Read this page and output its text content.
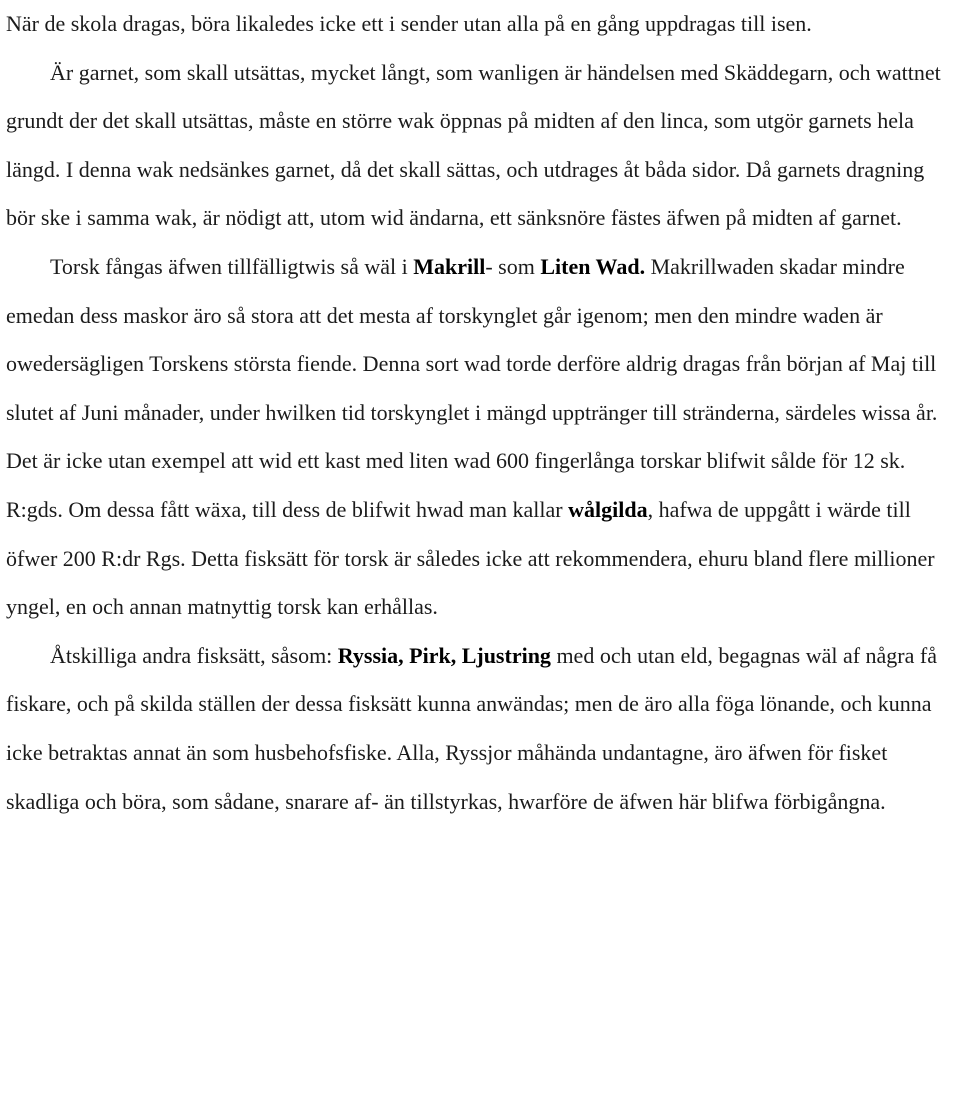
När de skola dragas, böra likaledes icke ett i sender utan alla på en gång uppdragas till isen.

Är garnet, som skall utsättas, mycket långt, som wanligen är händelsen med Skäddegarn, och wattnet grundt der det skall utsättas, måste en större wak öppnas på midten af den linca, som utgör garnets hela längd. I denna wak nedsänkes garnet, då det skall sättas, och utdrages åt båda sidor. Då garnets dragning bör ske i samma wak, är nödigt att, utom wid ändarna, ett sänksnöre fästes äfwen på midten af garnet.

Torsk fångas äfwen tillfälligtwis så wäl i Makrill- som Liten Wad. Makrillwaden skadar mindre emedan dess maskor äro så stora att det mesta af torskynglet går igenom; men den mindre waden är owedersägligen Torskens största fiende. Denna sort wad torde derföre aldrig dragas från början af Maj till slutet af Juni månader, under hwilken tid torskynglet i mängd upptränger till stränderna, särdeles wissa år. Det är icke utan exempel att wid ett kast med liten wad 600 fingerlånga torskar blifwit sålde för 12 sk. R:gds. Om dessa fått wäxa, till dess de blifwit hwad man kallar wålgilda, hafwa de uppgått i wärde till öfwer 200 R:dr Rgs. Detta fisksätt för torsk är således icke att rekommendera, ehuru bland flere millioner yngel, en och annan matnyttig torsk kan erhållas.

Åtskilliga andra fisksätt, såsom: Ryssia, Pirk, Ljustring med och utan eld, begagnas wäl af några få fiskare, och på skilda ställen der dessa fisksätt kunna anwändas; men de äro alla föga lönande, och kunna icke betraktas annat än som husbehofsfiske. Alla, Ryssjor måhända undantagne, äro äfwen för fisket skadliga och böra, som sådane, snarare af- än tillstyrkas, hwarföre de äfwen här blifwa förbigångna.
